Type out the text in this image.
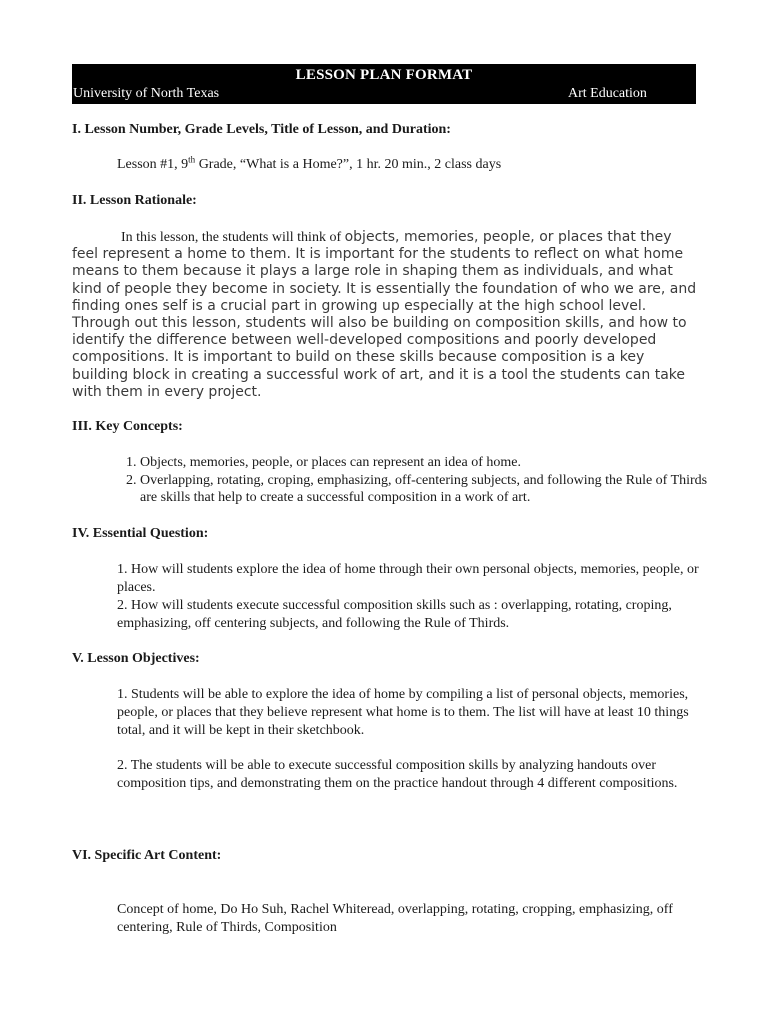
LESSON PLAN FORMAT
University of North Texas	Art Education
I. Lesson Number, Grade Levels, Title of Lesson, and Duration:
Lesson #1, 9th Grade, “What is a Home?”, 1 hr. 20 min., 2 class days
II. Lesson Rationale:
In this lesson, the students will think of objects, memories, people, or places that they feel represent a home to them. It is important for the students to reflect on what home means to them because it plays a large role in shaping them as individuals, and what kind of people they become in society. It is essentially the foundation of who we are, and finding ones self is a crucial part in growing up especially at the high school level. Through out this lesson, students will also be building on composition skills, and how to identify the difference between well-developed compositions and poorly developed compositions. It is important to build on these skills because composition is a key building block in creating a successful work of art, and it is a tool the students can take with them in every project.
III. Key Concepts:
1. Objects, memories, people, or places can represent an idea of home.
2. Overlapping, rotating, croping, emphasizing, off-centering subjects, and following the Rule of Thirds are skills that help to create a successful composition in a work of art.
IV. Essential Question:
1. How will students explore the idea of home through their own personal objects, memories, people, or places.
2. How will students execute successful composition skills such as : overlapping, rotating, croping, emphasizing, off centering subjects, and following the Rule of Thirds.
V. Lesson Objectives:
1. Students will be able to explore the idea of home by compiling a list of personal objects, memories, people, or places that they believe represent what home is to them. The list will have at least 10 things total, and it will be kept in their sketchbook.
2. The students will be able to execute successful composition skills by analyzing handouts over composition tips, and demonstrating them on the practice handout through 4 different compositions.
VI. Specific Art Content:
Concept of home, Do Ho Suh, Rachel Whiteread, overlapping, rotating, cropping, emphasizing, off centering, Rule of Thirds, Composition
